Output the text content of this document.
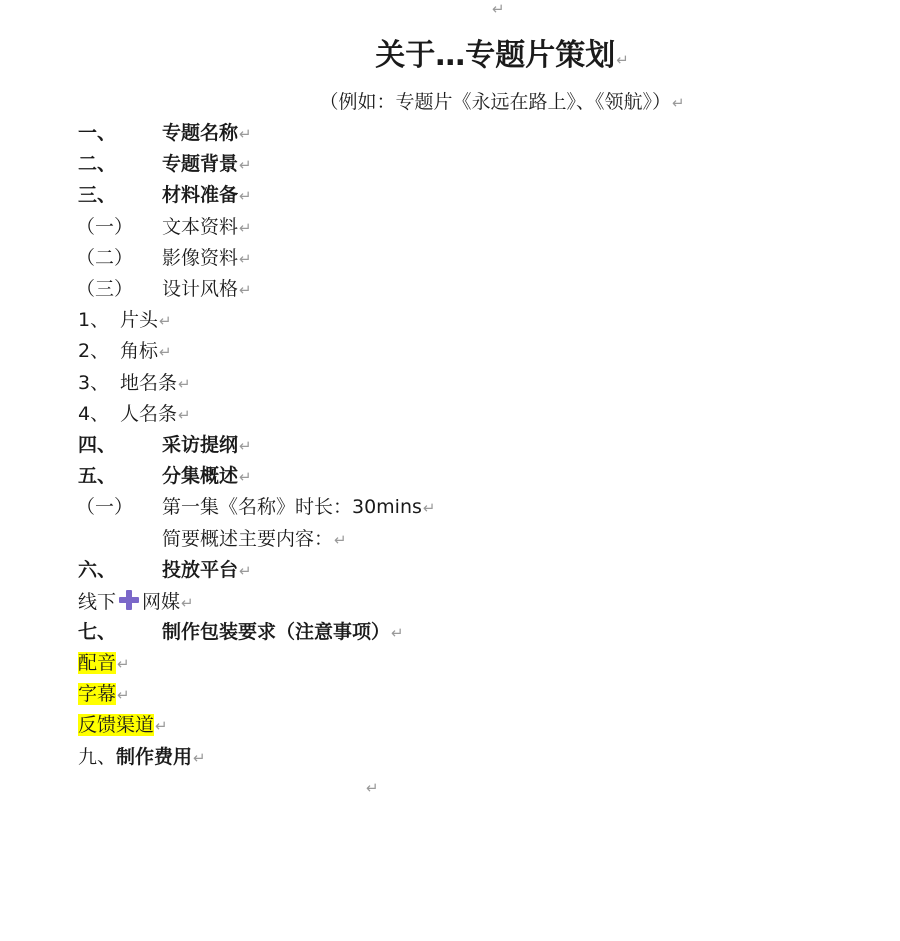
↵
关于…专题片策划↵
（例如：专题片《永远在路上》、《领航》）↵
一、 专题名称↵
二、 专题背景↵
三、 材料准备↵
（一） 文本资料↵
（二） 影像资料↵
（三） 设计风格↵
1、 片头↵
2、 角标↵
3、 地名条↵
4、 人名条↵
四、 采访提纲↵
五、 分集概述↵
（一） 第一集《名称》时长：30mins↵
简要概述主要内容：↵
六、 投放平台↵
线下 网媒↵
七、 制作包装要求（注意事项）↵
配音↵
字幕↵
反馈渠道↵
九、制作费用↵
↵
